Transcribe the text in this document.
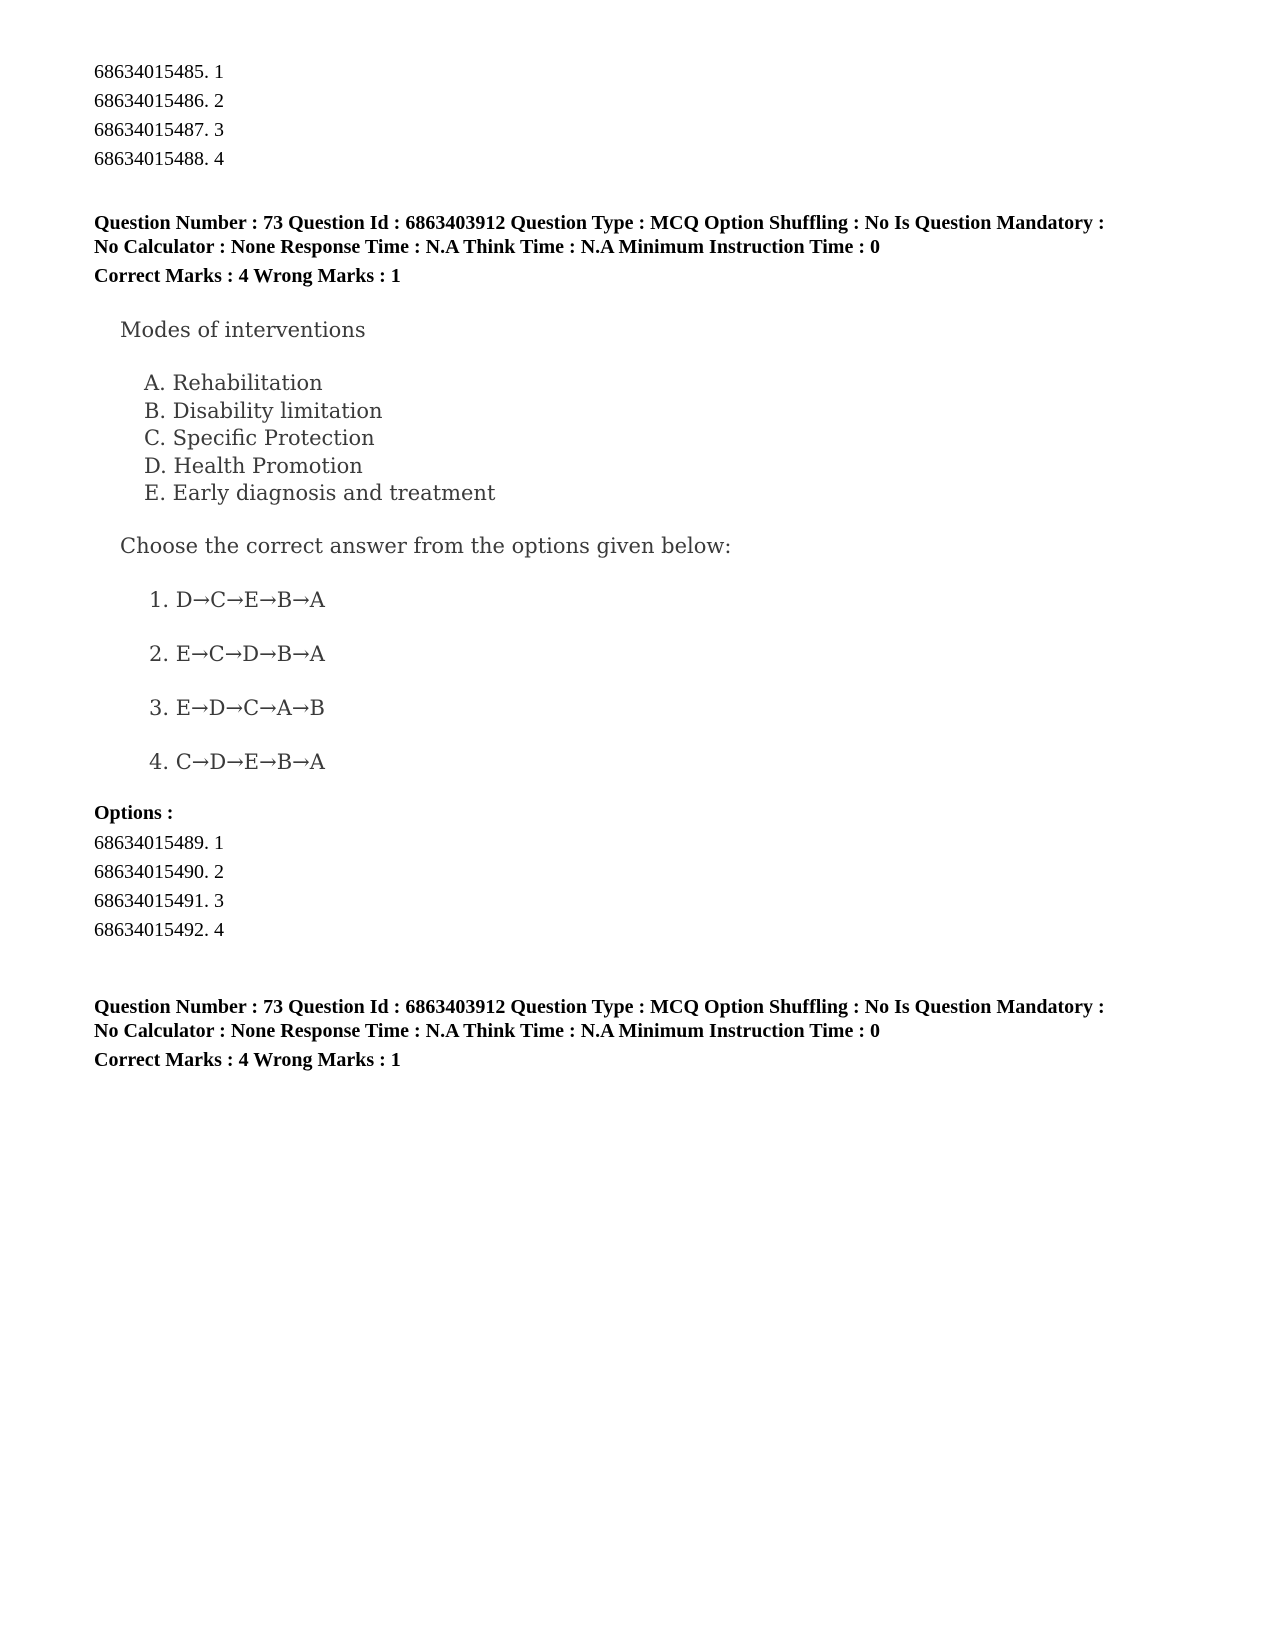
68634015485. 1
68634015486. 2
68634015487. 3
68634015488. 4
Question Number : 73 Question Id : 6863403912 Question Type : MCQ Option Shuffling : No Is Question Mandatory :
No Calculator : None Response Time : N.A Think Time : N.A Minimum Instruction Time : 0
Correct Marks : 4 Wrong Marks : 1
Modes of interventions
A. Rehabilitation
B. Disability limitation
C. Specific Protection
D. Health Promotion
E. Early diagnosis and treatment
Choose the correct answer from the options given below:
1. D→C→E→B→A
2. E→C→D→B→A
3. E→D→C→A→B
4. C→D→E→B→A
Options :
68634015489. 1
68634015490. 2
68634015491. 3
68634015492. 4
Question Number : 73 Question Id : 6863403912 Question Type : MCQ Option Shuffling : No Is Question Mandatory :
No Calculator : None Response Time : N.A Think Time : N.A Minimum Instruction Time : 0
Correct Marks : 4 Wrong Marks : 1
